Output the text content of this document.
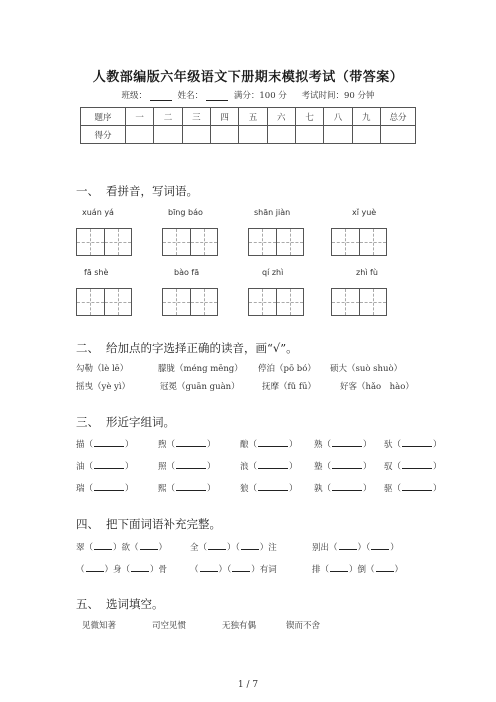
人教部编版六年级语文下册期末模拟考试（带答案）
班级：	姓名：	满分：100 分 考试时间：90 分钟
题序	一	二	三	四	五	六	七	八	九	总分
得分										
一、 看拼音，写词语。
xuán yá	bīng báo	shān jiàn	xǐ yuè
fā shè	bào fā	qí zhì	zhì fù
二、 给加点的字选择正确的读音，画“√”。
勾勒（lè lē）	朦胧（méng mēng） 停泊（pō bó） 硕大（suò shuò）
摇曳（yè yì）	冠冕（guān guàn）	抚摩（fǔ fū）	好客（hǎo　hào）
三、 形近字组词。
描（	）	煦（	）	酿（	） 熟（	） 驮（	）
油（	）	照（	）	浪（	） 塾（	） 驭（	）
瑞（	）	熙（	）	狼（	） 孰（	） 驱（	）
四、 把下面词语补充完整。
翠（ ）欲（ ）	全（ ）（ ）注	别出（ ）（ ）
（ ）身（ ）骨	（ ）（ ）有词	排（ ）倒（ ）
五、 选词填空。
见微知著	司空见惯	无独有偶	锲而不舍
1 / 7
